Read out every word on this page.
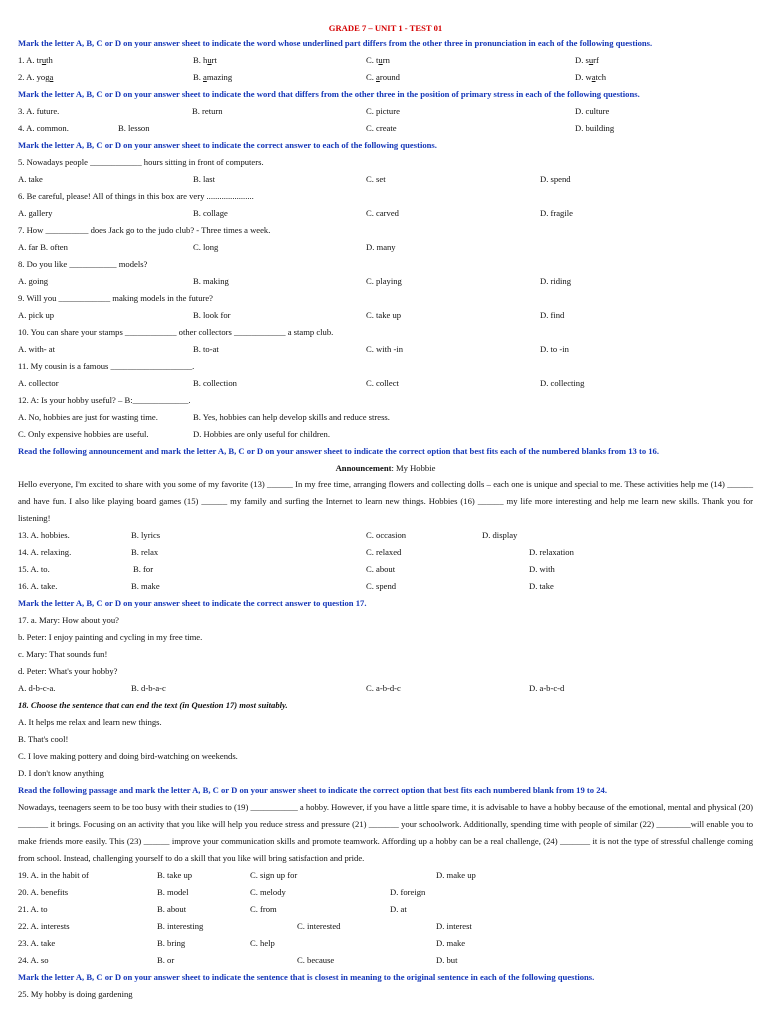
GRADE 7 – UNIT 1 - TEST 01
Mark the letter A, B, C or D on your answer sheet to indicate the word whose underlined part differs from the other three in pronunciation in each of the following questions.
1. A. truth	B. hurt	C. turn	D. surf
2. A. yoga	B. amazing	C. around	D. watch
Mark the letter A, B, C or D on your answer sheet to indicate the word that differs from the other three in the position of primary stress in each of the following questions.
3. A. future.	B. return	C. picture	D. culture
4. A. common.	B. lesson	C. create	D. building
Mark the letter A, B, C or D on your answer sheet to indicate the correct answer to each of the following questions.
5. Nowadays people ____________ hours sitting in front of computers.
A. take	B. last	C. set	D. spend
6. Be careful, please! All of things in this box are very ......................
A. gallery	B. collage	C. carved	D. fragile
7. How __________ does Jack go to the judo club? - Three times a week.
A. far B. often	C. long	D. many
8. Do you like ___________ models?
A. going	B. making	C. playing	D. riding
9. Will you ____________ making models in the future?
A. pick up	B. look for	C. take up	D. find
10. You can share your stamps ____________ other collectors ____________ a stamp club.
A. with- at	B. to-at	C. with -in	D. to -in
11. My cousin is a famous ___________________.
A. collector	B. collection	C. collect	D. collecting
12. A: Is your hobby useful? – B:_____________.
A. No, hobbies are just for wasting time.	B. Yes, hobbies can help develop skills and reduce stress.
C. Only expensive hobbies are useful.	D. Hobbies are only useful for children.
Read the following announcement and mark the letter A, B, C or D on your answer sheet to indicate the correct option that best fits each of the numbered blanks from 13 to 16.
Announcement: My Hobbie
Hello everyone, I'm excited to share with you some of my favorite (13) ______ In my free time, arranging flowers and collecting dolls – each one is unique and special to me. These activities help me (14) ______ and have fun. I also like playing board games (15) ______ my family and surfing the Internet to learn new things. Hobbies (16) ______ my life more interesting and help me learn new skills. Thank you for listening!
13. A. hobbies.	B. lyrics	C. occasion	D. display
14. A. relaxing.	B. relax	C. relaxed	D. relaxation
15. A. to.	B. for	C. about	D. with
16. A. take.	B. make	C. spend	D. take
Mark the letter A, B, C or D on your answer sheet to indicate the correct answer to question 17.
17. a. Mary: How about you?
b. Peter: I enjoy painting and cycling in my free time.
c. Mary: That sounds fun!
d. Peter: What's your hobby?
A. d-b-c-a.	B. d-b-a-c	C. a-b-d-c	D. a-b-c-d
18. Choose the sentence that can end the text (in Question 17) most suitably.
A. It helps me relax and learn new things.
B. That's cool!
C. I love making pottery and doing bird-watching on weekends.
D. I don't know anything
Read the following passage and mark the letter A, B, C or D on your answer sheet to indicate the correct option that best fits each numbered blank from 19 to 24.
Nowadays, teenagers seem to be too busy with their studies to (19) ___________ a hobby. However, if you have a little spare time, it is advisable to have a hobby because of the emotional, mental and physical (20) _______ it brings. Focusing on an activity that you like will help you reduce stress and pressure (21) _______ your schoolwork. Additionally, spending time with people of similar (22) ________will enable you to make friends more easily. This (23) ______ improve your communication skills and promote teamwork. Affording up a hobby can be a real challenge, (24) _______ it is not the type of stressful challenge coming from school. Instead, challenging yourself to do a skill that you like will bring satisfaction and pride.
19. A. in the habit of	B. take up	C. sign up for	D. make up
20. A. benefits	B. model	C. melody	D. foreign
21. A. to	B. about	C. from	D. at
22. A. interests	B. interesting	C. interested	D. interest
23. A. take	B. bring	C. help	D. make
24. A. so	B. or	C. because	D. but
Mark the letter A, B, C or D on your answer sheet to indicate the sentence that is closest in meaning to the original sentence in each of the following questions.
25. My hobby is doing gardening
